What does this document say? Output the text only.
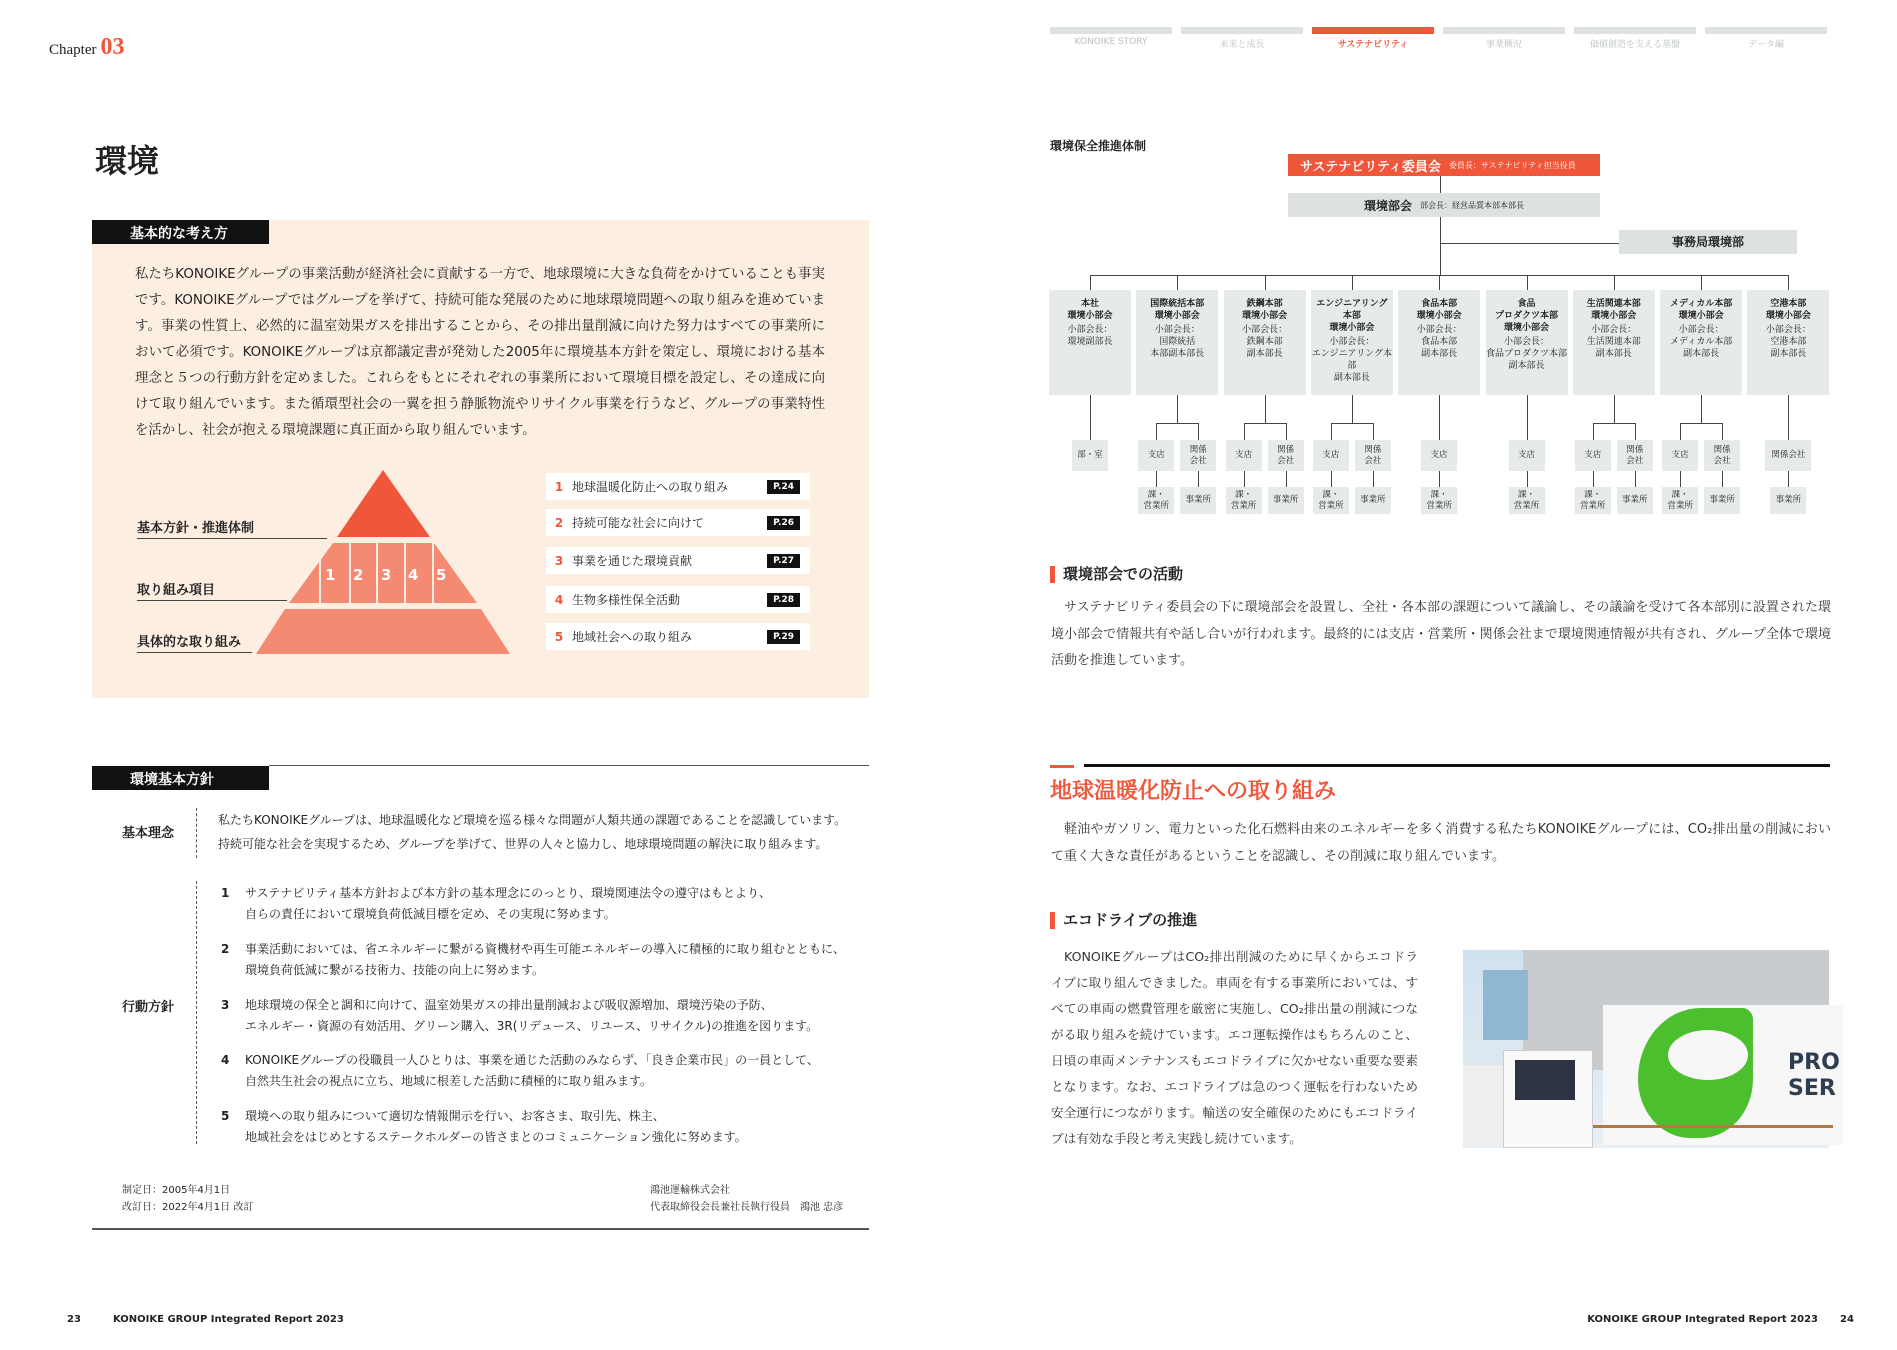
Chapter 03	KONOIKE STORY	未来と成長	サステナビリティ	事業概況	価値創造を支える基盤	データ編
環境
基本的な考え方
私たちKONOIKEグループの事業活動が経済社会に貢献する一方で、地球環境に大きな負荷をかけていることも事実です。KONOIKEグループではグループを挙げて、持続可能な発展のために地球環境問題への取り組みを進めています。事業の性質上、必然的に温室効果ガスを排出することから、その排出量削減に向けた努力はすべての事業所において必須です。KONOIKEグループは京都議定書が発効した2005年に環境基本方針を策定し、環境における基本理念と５つの行動方針を定めました。これらをもとにそれぞれの事業所において環境目標を設定し、その達成に向けて取り組んでいます。また循環型社会の一翼を担う静脈物流やリサイクル事業を行うなど、グループの事業特性を活かし、社会が抱える環境課題に真正面から取り組んでいます。
1 2 3 4 5
基本方針・推進体制
取り組み項目
具体的な取り組み
1 地球温暖化防止への取り組み	P.24
2 持続可能な社会に向けて	P.26
3 事業を通じた環境貢献	P.27
4 生物多様性保全活動	P.28
5 地域社会への取り組み	P.29
環境基本方針
基本理念
私たちKONOIKEグループは、地球温暖化など環境を巡る様々な問題が人類共通の課題であることを認識しています。
持続可能な社会を実現するため、グループを挙げて、世界の人々と協力し、地球環境問題の解決に取り組みます。
行動方針
1 サステナビリティ基本方針および本方針の基本理念にのっとり、環境関連法令の遵守はもとより、
自らの責任において環境負荷低減目標を定め、その実現に努めます。
2 事業活動においては、省エネルギーに繋がる資機材や再生可能エネルギーの導入に積極的に取り組むとともに、
環境負荷低減に繋がる技術力、技能の向上に努めます。
3 地球環境の保全と調和に向けて、温室効果ガスの排出量削減および吸収源増加、環境汚染の予防、
エネルギー・資源の有効活用、グリーン購入、3R(リデュース、リユース、リサイクル)の推進を図ります。
4 KONOIKEグループの役職員一人ひとりは、事業を通じた活動のみならず、「良き企業市民」の一員として、
自然共生社会の視点に立ち、地域に根差した活動に積極的に取り組みます。
5 環境への取り組みについて適切な情報開示を行い、お客さま、取引先、株主、
地域社会をはじめとするステークホルダーの皆さまとのコミュニケーション強化に努めます。
制定日：2005年4月1日
改訂日：2022年4月1日 改訂
鴻池運輸株式会社
代表取締役会長兼社長執行役員　鴻池 忠彦
23	KONOIKE GROUP Integrated Report 2023
環境保全推進体制
サステナビリティ委員会 委員長：サステナビリティ担当役員
環境部会 部会長：経営品質本部本部長
事務局環境部
本社
環境小部会
小部会長：
環境副部長
部・室
国際統括本部
環境小部会
小部会長：
国際統括
本部副本部長
支店
課・
営業所
関係
会社
事業所
鉄鋼本部
環境小部会
小部会長：
鉄鋼本部
副本部長
支店
課・
営業所
関係
会社
事業所
エンジニアリング
本部
環境小部会
小部会長：
エンジニアリング本部
副本部長
支店
課・
営業所
関係
会社
事業所
食品本部
環境小部会
小部会長：
食品本部
副本部長
支店
課・
営業所
食品
プロダクツ本部
環境小部会
小部会長：
食品プロダクツ本部
副本部長
支店
課・
営業所
生活関連本部
環境小部会
小部会長：
生活関連本部
副本部長
支店
課・
営業所
関係
会社
事業所
メディカル本部
環境小部会
小部会長：
メディカル本部
副本部長
支店
課・
営業所
関係
会社
事業所
空港本部
環境小部会
小部会長：
空港本部
副本部長
関係会社
事業所
環境部会での活動
サステナビリティ委員会の下に環境部会を設置し、全社・各本部の課題について議論し、その議論を受けて各本部別に設置された環境小部会で情報共有や話し合いが行われます。最終的には支店・営業所・関係会社まで環境関連情報が共有され、グループ全体で環境活動を推進しています。
地球温暖化防止への取り組み
軽油やガソリン、電力といった化石燃料由来のエネルギーを多く消費する私たちKONOIKEグループには、CO₂排出量の削減において重く大きな責任があるということを認識し、その削減に取り組んでいます。
エコドライブの推進
KONOIKEグループはCO₂排出削減のために早くからエコドライブに取り組んできました。車両を有する事業所においては、すべての車両の燃費管理を厳密に実施し、CO₂排出量の削減につながる取り組みを続けています。エコ運転操作はもちろんのこと、日頃の車両メンテナンスもエコドライブに欠かせない重要な要素となります。なお、エコドライブは急のつく運転を行わないため安全運行につながります。輸送の安全確保のためにもエコドライブは有効な手段と考え実践し続けています。
PRO
SER
KONOIKE GROUP Integrated Report 2023 24
